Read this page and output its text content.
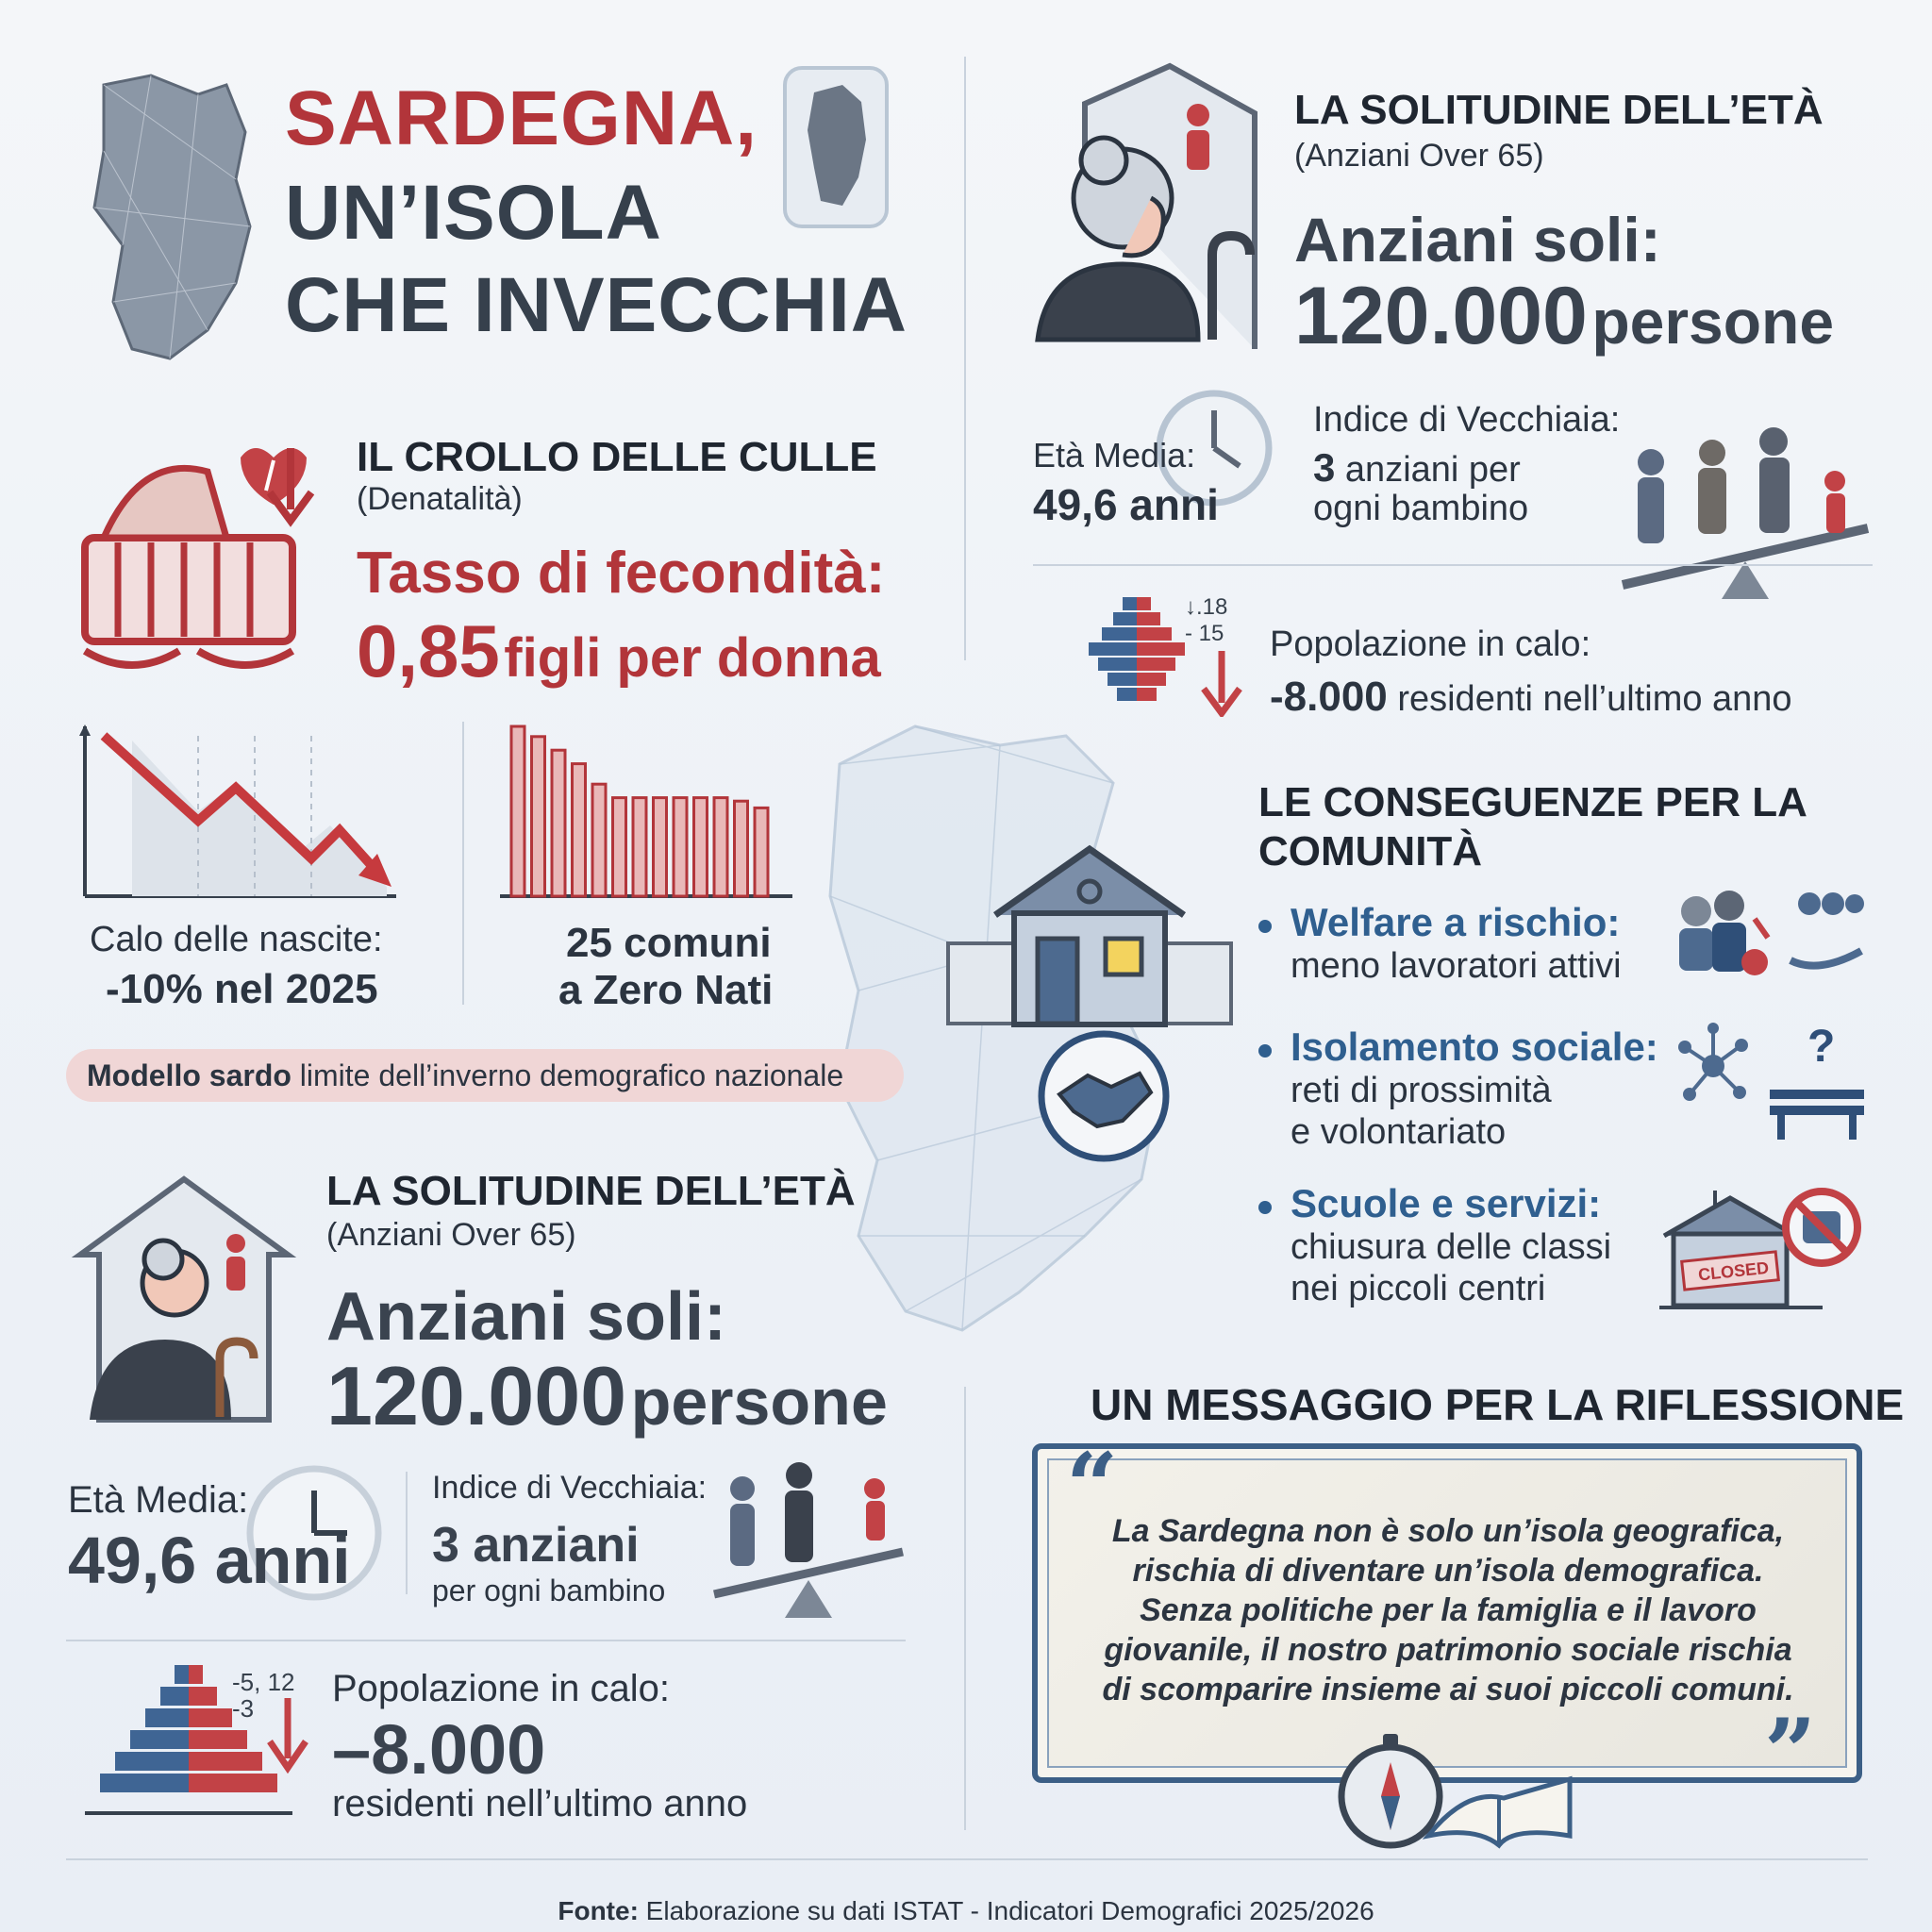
SARDEGNA,
UN’ISOLA
CHE INVECCHIA
IL CROLLO DELLE CULLE
(Denatalità)
Tasso di fecondità:
0,85 figli per donna
Calo delle nascite:
-10% nel 2025
25 comuni
a Zero Nati
Modello sardo limite dell’inverno demografico nazionale
LA SOLITUDINE DELL’ETÀ
(Anziani Over 65)
Anziani soli:
120.000 persone
Età Media:
49,6 anni
Indice di Vecchiaia:
3 anziani per
ogni bambino
↓.18
- 15 Popolazione in calo:
-8.000 residenti nell’ultimo anno
LE CONSEGUENZE PER LA
COMUNITÀ
Welfare a rischio:
meno lavoratori attivi
Isolamento sociale:
reti di prossimità
e volontariato
?
Scuole e servizi:
chiusura delle classi
nei piccoli centri	CLOSED
LA SOLITUDINE DELL’ETÀ
(Anziani Over 65)
Anziani soli:
120.000 persone
Età Media:
49,6 anni
Indice di Vecchiaia:
3 anziani
per ogni bambino
-5, 12
-3 Popolazione in calo:
–8.000
residenti nell’ultimo anno
UN MESSAGGIO PER LA RIFLESSIONE
“
La Sardegna non è solo un’isola geografica,
rischia di diventare un’isola demografica.
Senza politiche per la famiglia e il lavoro
giovanile, il nostro patrimonio sociale rischia
di scomparire insieme ai suoi piccoli comuni.
”
Fonte: Elaborazione su dati ISTAT - Indicatori Demografici 2025/2026
